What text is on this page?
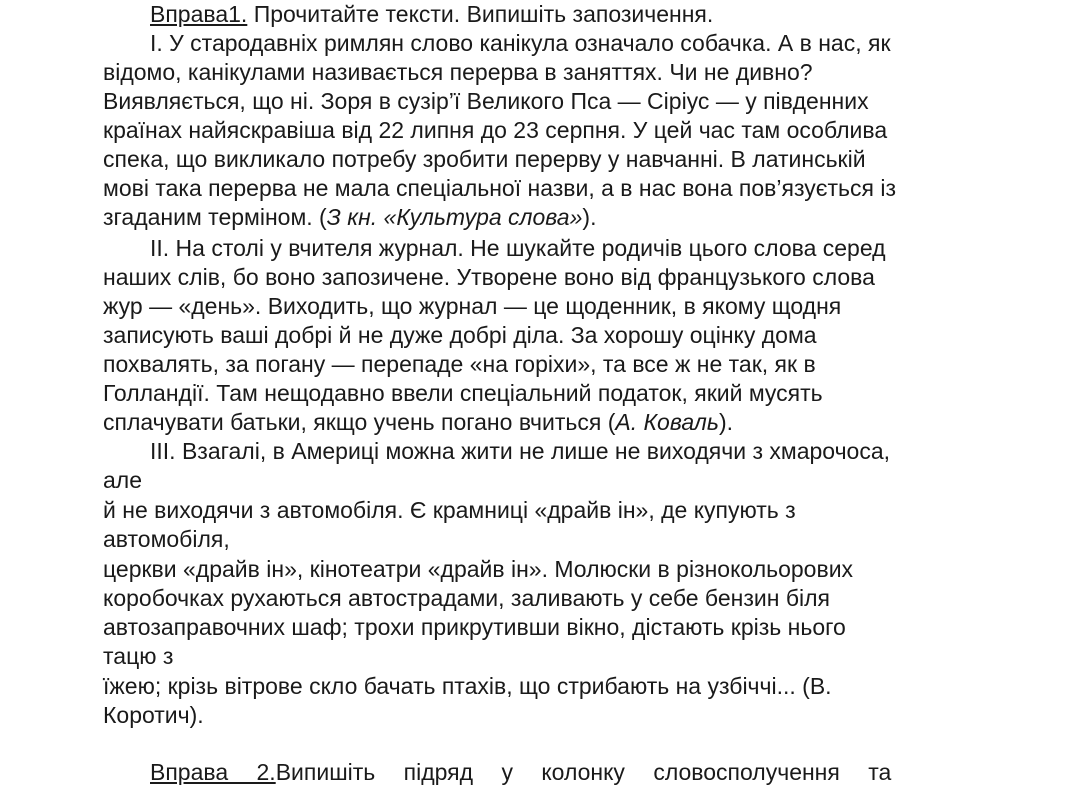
Вправа1. Прочитайте тексти. Випишіть запозичення.
І. У стародавніх римлян слово канікула означало собачка. А в нас, як
відомо, канікулами називається перерва в заняттях. Чи не дивно?
Виявляється, що ні. Зоря в сузір’ї Великого Пса — Сіріус — у південних
країнах найяскравіша від 22 липня до 23 серпня. У цей час там особлива
спека, що викликало потребу зробити перерву у навчанні. В латинській
мові така перерва не мала спеціальної назви, а в нас вона пов’язується із
згаданим терміном. (З кн. «Культура слова»).
ІІ. На столі у вчителя журнал. Не шукайте родичів цього слова серед
наших слів, бо воно запозичене. Утворене воно від французького слова
жур — «день». Виходить, що журнал — це щоденник, в якому щодня
записують ваші добрі й не дуже добрі діла. За хорошу оцінку дома
похвалять, за погану — перепаде «на горіхи», та все ж не так, як в
Голландії. Там нещодавно ввели спеціальний податок, який мусять
сплачувати батьки, якщо учень погано вчиться (А. Коваль).
ІІІ. Взагалі, в Америці можна жити не лише не виходячи з хмарочоса,
але
й не виходячи з автомобіля. Є крамниці «драйв ін», де купують з
автомобіля,
церкви «драйв ін», кінотеатри «драйв ін». Молюски в різнокольорових
коробочках рухаються автострадами, заливають у себе бензин біля
автозаправочних шаф; трохи прикрутивши вікно, дістають крізь нього
тацю з
їжею; крізь вітрове скло бачать птахів, що стрибають на узбіччі... (В.
Коротич).
Вправа 2.Випишіть підряд у колонку словосполучення та
